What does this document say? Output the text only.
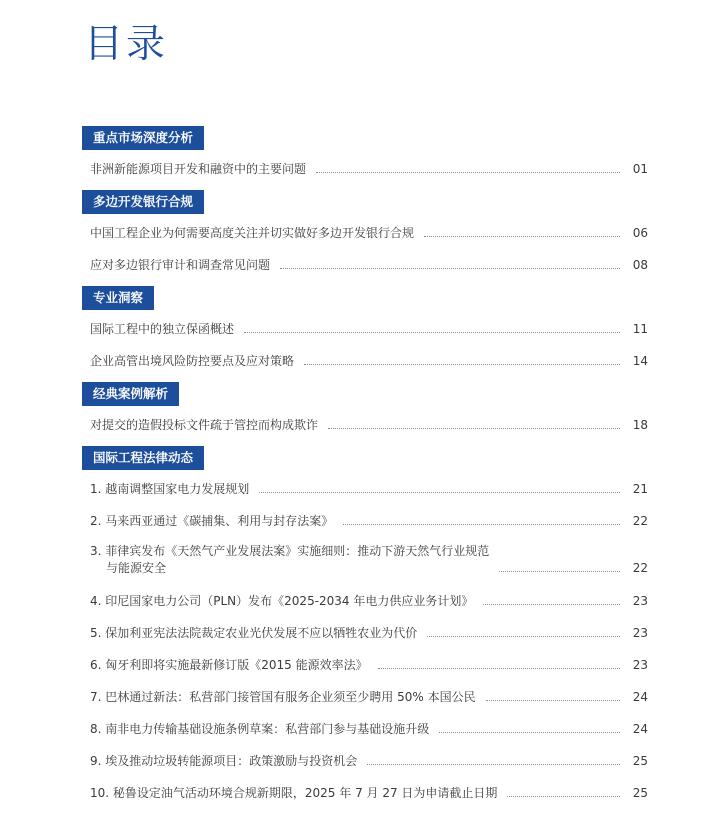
目录
重点市场深度分析
非洲新能源项目开发和融资中的主要问题	01
多边开发银行合规
中国工程企业为何需要高度关注并切实做好多边开发银行合规	06
应对多边银行审计和调查常见问题	08
专业洞察
国际工程中的独立保函概述	11
企业高管出境风险防控要点及应对策略	14
经典案例解析
对提交的造假投标文件疏于管控而构成欺诈	18
国际工程法律动态
1. 越南调整国家电力发展规划	21
2. 马来西亚通过《碳捕集、利用与封存法案》	22
3. 菲律宾发布《天然气产业发展法案》实施细则：推动下游天然气行业规范
与能源安全	22
4. 印尼国家电力公司（PLN）发布《2025-2034 年电力供应业务计划》	23
5. 保加利亚宪法法院裁定农业光伏发展不应以牺牲农业为代价	23
6. 匈牙利即将实施最新修订版《2015 能源效率法》	23
7. 巴林通过新法：私营部门接管国有服务企业须至少聘用 50% 本国公民	24
8. 南非电力传输基础设施条例草案：私营部门参与基础设施升级	24
9. 埃及推动垃圾转能源项目：政策激励与投资机会	25
10. 秘鲁设定油气活动环境合规新期限，2025 年 7 月 27 日为申请截止日期	25
